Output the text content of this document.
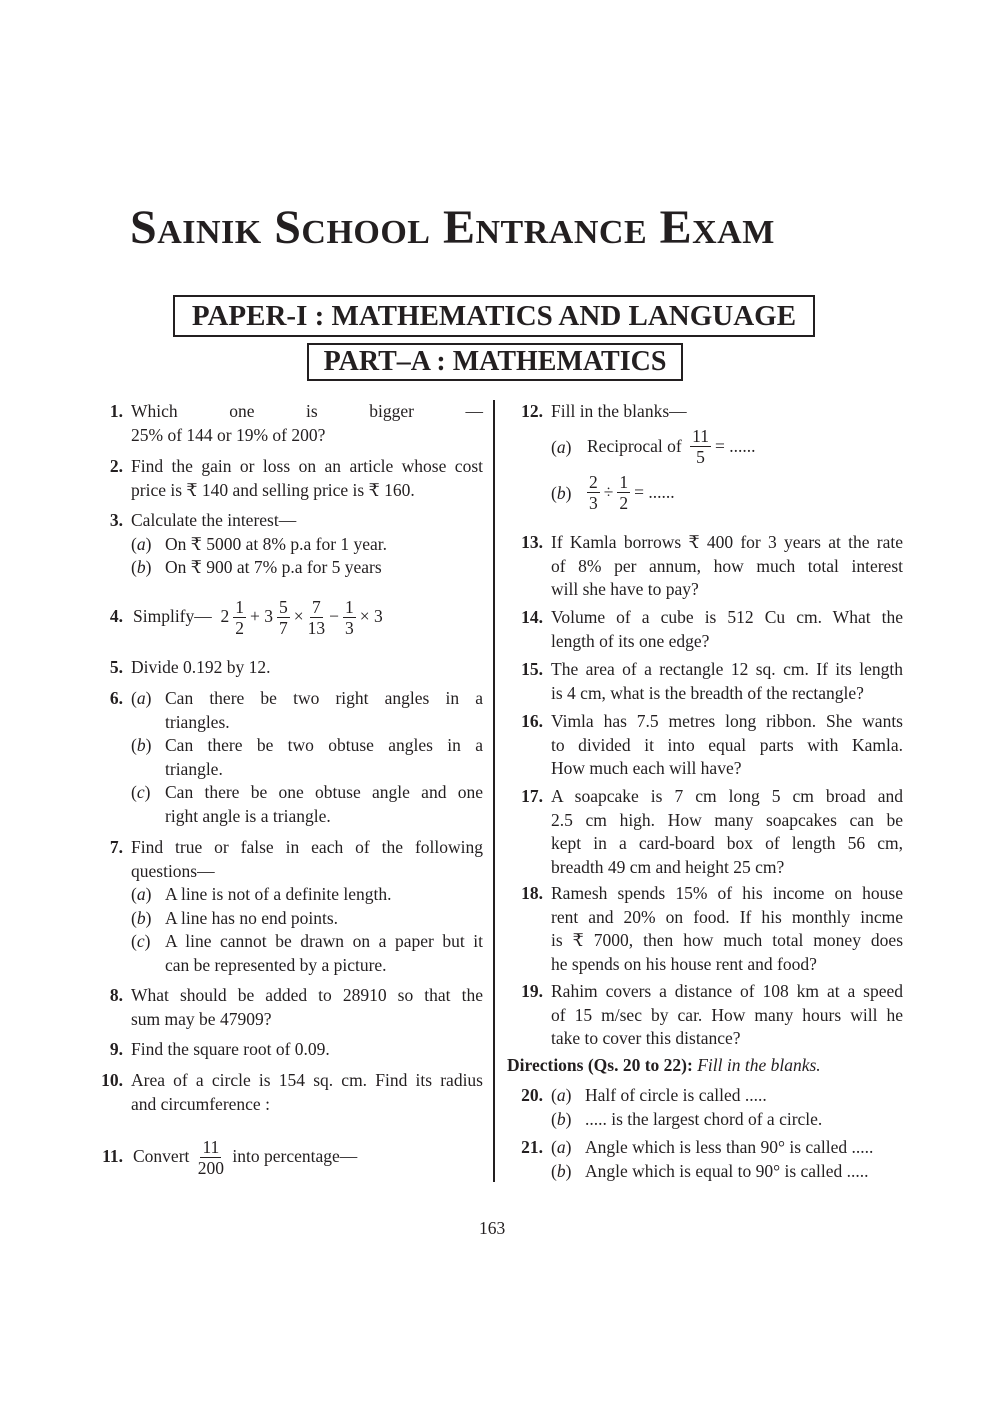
Sainik School Entrance Exam
PAPER-I : MATHEMATICS AND LANGUAGE
PART–A : MATHEMATICS
1. Which one is bigger —
25% of 144 or 19% of 200?
2. Find the gain or loss on an article whose cost
price is ₹ 140 and selling price is ₹ 160.
3. Calculate the interest—
(a) On ₹ 5000 at 8% p.a for 1 year.
(b) On ₹ 900 at 7% p.a for 5 years
4. Simplify—  $2 \frac{1}{2} + 3 \frac{5}{7} \times \frac{7}{13} - \frac{1}{3} \times 3$
5. Divide 0.192 by 12.
6. (a) Can there be two right angles in a
triangles.
(b) Can there be two obtuse angles in a
triangle.
(c) Can there be one obtuse angle and one
right angle is a triangle.
7. Find true or false in each of the following
questions—
(a) A line is not of a definite length.
(b) A line has no end points.
(c) A line cannot be drawn on a paper but it
can be represented by a picture.
8. What should be added to 28910 so that the
sum may be 47909?
9. Find the square root of 0.09.
10. Area of a circle is 154 sq. cm. Find its radius
and circumference :
11. Convert $\frac{11}{200}$ into percentage—
12. Fill in the blanks—
(a) Reciprocal of $\frac{11}{5}$ = ......
$(b) \frac{2}{3} \div \frac{1}{2}$ = ......
13. If Kamla borrows ₹ 400 for 3 years at the rate
of 8% per annum, how much total interest
will she have to pay?
14. Volume of a cube is 512 Cu cm. What the
length of its one edge?
15. The area of a rectangle 12 sq. cm. If its length
is 4 cm, what is the breadth of the rectangle?
16. Vimla has 7.5 metres long ribbon. She wants
to divided it into equal parts with Kamla.
How much each will have?
17. A soapcake is 7 cm long 5 cm broad and
2.5 cm high. How many soapcakes can be
kept in a card-board box of length 56 cm,
breadth 49 cm and height 25 cm?
18. Ramesh spends 15% of his income on house
rent and 20% on food. If his monthly incme
is ₹ 7000, then how much total money does
he spends on his house rent and food?
19. Rahim covers a distance of 108 km at a speed
of 15 m/sec by car. How many hours will he
take to cover this distance?
20. (a) Half of circle is called .....
(b) ..... is the largest chord of a circle.
21. (a) Angle which is less than 90° is called .....
(b) Angle which is equal to 90° is called .....
Directions (Qs. 20 to 22): Fill in the blanks.
163
